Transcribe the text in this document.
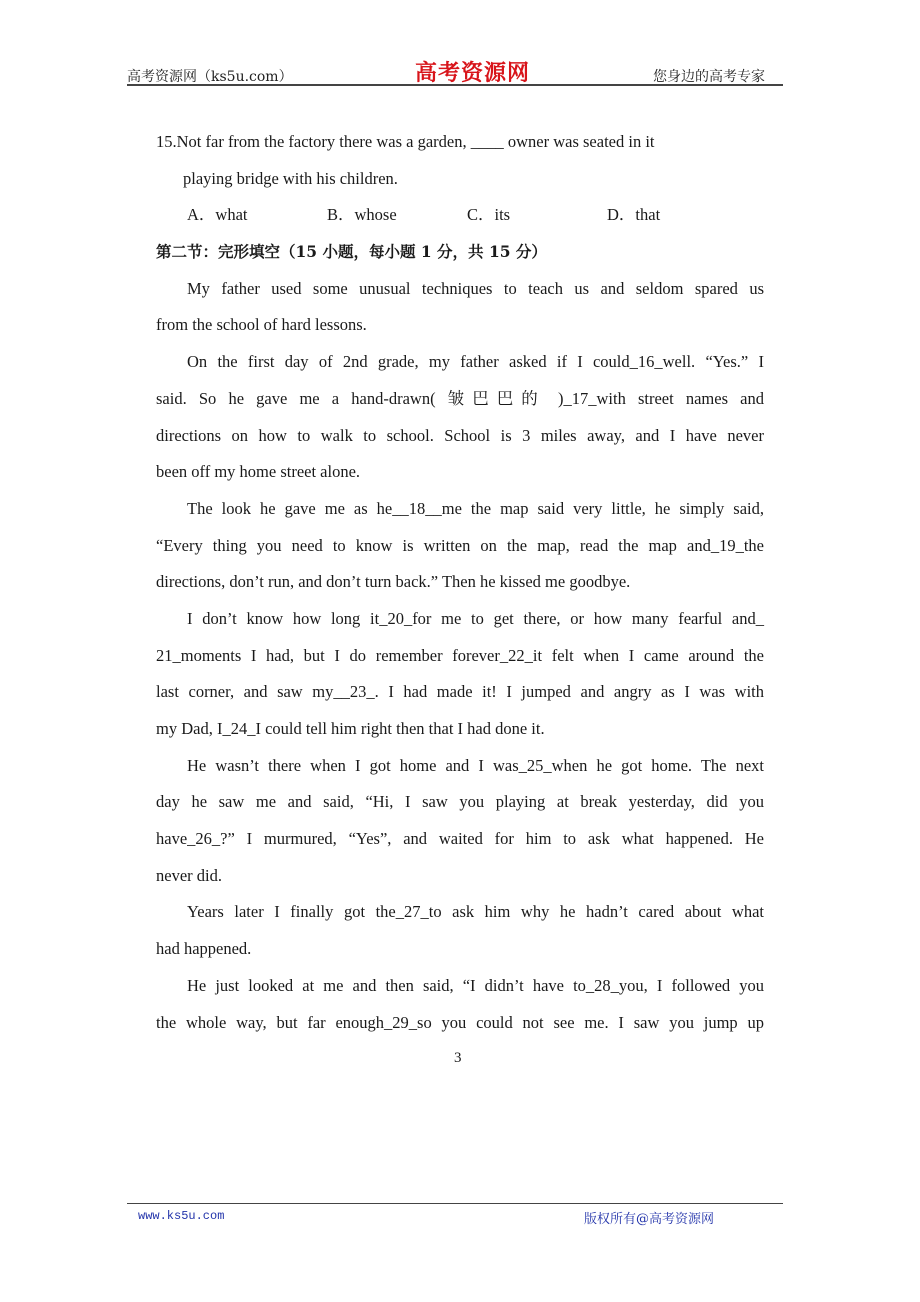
高考资源网（ks5u.com）	高考资源网	您身边的高考专家
15.Not far from the factory there was a garden, ____ owner was seated in it
playing bridge with his children.
A．what	B．whose	C．its	D．that
第二节：完形填空（15 小题，每小题 1 分，共 15 分）
My father used some unusual techniques to teach us and seldom spared us
from the school of hard lessons.
On the first day of 2nd grade, my father asked if I could_16_well. “Yes.” I
said. So he gave me a hand-drawn( 皱巴巴的 )_17_with street names and
directions on how to walk to school. School is 3 miles away, and I have never
been off my home street alone.
The look he gave me as he__18__me the map said very little, he simply said,
“Every thing you need to know is written on the map, read the map and_19_the
directions, don’t run, and don’t turn back.” Then he kissed me goodbye.
I don’t know how long it_20_for me to get there, or how many fearful and_
21_moments I had, but I do remember forever_22_it felt when I came around the
last corner, and saw my__23_. I had made it! I jumped and angry as I was with
my Dad, I_24_I could tell him right then that I had done it.
He wasn’t there when I got home and I was_25_when he got home. The next
day he saw me and said, “Hi, I saw you playing at break yesterday, did you
have_26_?” I murmured, “Yes”, and waited for him to ask what happened. He
never did.
Years later I finally got the_27_to ask him why he hadn’t cared about what
had happened.
He just looked at me and then said, “I didn’t have to_28_you, I followed you
the whole way, but far enough_29_so you could not see me. I saw you jump up
3
www.ks5u.com	版权所有@高考资源网
